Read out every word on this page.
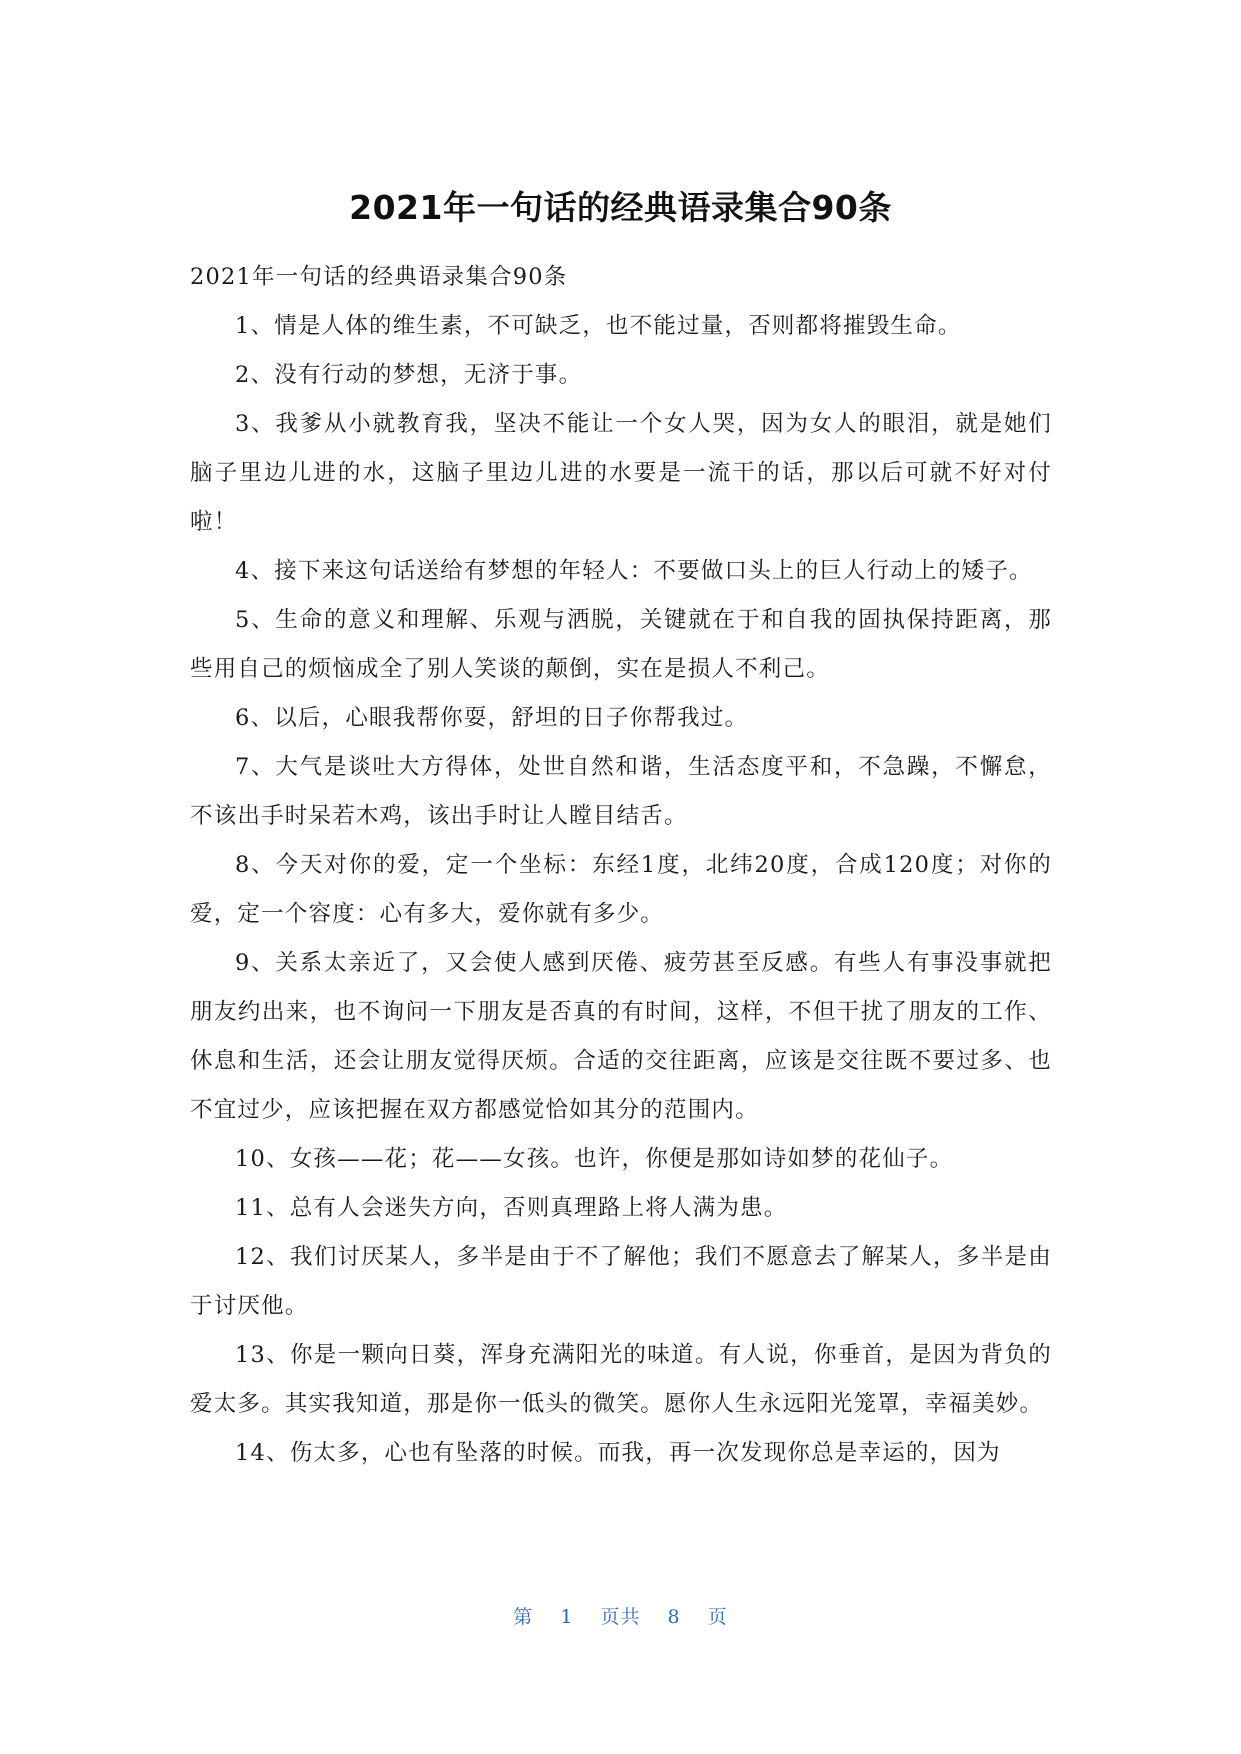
2021年一句话的经典语录集合90条

2021年一句话的经典语录集合90条

1、情是人体的维生素，不可缺乏，也不能过量，否则都将摧毁生命。

2、没有行动的梦想，无济于事。

3、我爹从小就教育我，坚决不能让一个女人哭，因为女人的眼泪，就是她们脑子里边儿进的水，这脑子里边儿进的水要是一流干的话，那以后可就不好对付啦！

4、接下来这句话送给有梦想的年轻人：不要做口头上的巨人行动上的矮子。

5、生命的意义和理解、乐观与洒脱，关键就在于和自我的固执保持距离，那些用自己的烦恼成全了别人笑谈的颠倒，实在是损人不利己。

6、以后，心眼我帮你耍，舒坦的日子你帮我过。

7、大气是谈吐大方得体，处世自然和谐，生活态度平和，不急躁，不懈怠，不该出手时呆若木鸡，该出手时让人瞠目结舌。

8、今天对你的爱，定一个坐标：东经1度，北纬20度，合成120度；对你的爱，定一个容度：心有多大，爱你就有多少。

9、关系太亲近了，又会使人感到厌倦、疲劳甚至反感。有些人有事没事就把朋友约出来，也不询问一下朋友是否真的有时间，这样，不但干扰了朋友的工作、休息和生活，还会让朋友觉得厌烦。合适的交往距离，应该是交往既不要过多、也不宜过少，应该把握在双方都感觉恰如其分的范围内。

10、女孩——花；花——女孩。也许，你便是那如诗如梦的花仙子。

11、总有人会迷失方向，否则真理路上将人满为患。

12、我们讨厌某人，多半是由于不了解他；我们不愿意去了解某人，多半是由于讨厌他。

13、你是一颗向日葵，浑身充满阳光的味道。有人说，你垂首，是因为背负的爱太多。其实我知道，那是你一低头的微笑。愿你人生永远阳光笼罩，幸福美妙。

14、伤太多，心也有坠落的时候。而我，再一次发现你总是幸运的，因为

第 1 页共 8 页
